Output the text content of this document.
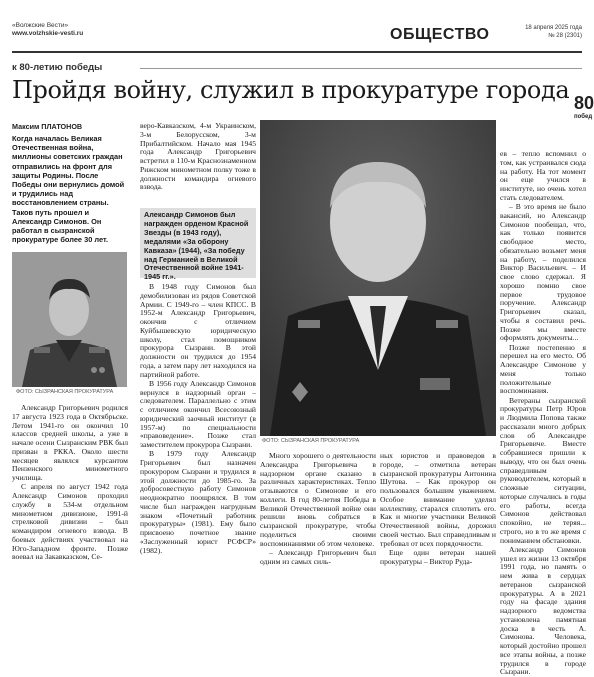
«Волжские Вести»
www.volzhskie-vesti.ru	ОБЩЕСТВО	18 апреля 2025 года
№ 28 (2301)
к 80-летию победы
Пройдя войну, служил в прокуратуре города 80
побед
Максим ПЛАТОНОВ
Когда началась Великая Отечественная война, миллионы советских граждан отправились на фронт для защиты Родины. После Победы они вернулись домой и трудились над восстановлением страны. Таков путь прошел и Александр Симонов. Он работал в сызранской прокуратуре более 30 лет.
ФОТО: СЫЗРАНСКАЯ ПРОКУРАТУРА

Александр Григорьевич родился 17 августа 1923 года в Октябрьске. Летом 1941-го он окончил 10 классов средней школы, а уже в начале осени Сызранским РВК был призван в РККА. Около шести месяцев являлся курсантом Пензенского минометного училища.

С апреля по август 1942 года Александр Симонов проходил службу в 534-м отдельном минометном дивизионе, 1991-й стрелковой дивизии – был командиром огневого взвода. В боевых действиях участвовал на Юго-Западном фронте. Позже воевал на Закавказском, Се-

веро-Кавказском, 4-м Украинском, 3-м Белорусском, 3-м Прибалтийском. Начало мая 1945 года Александр Григорьевич встретил в 110-м Краснознаменном Рижском минометном полку тоже в должности командира огневого взвода.

Александр Симонов был награжден орденом Красной Звезды (в 1943 году), медалями «За оборону Кавказа» (1944), «За победу над Германией в Великой Отечественной войне 1941-1945 гг.».

В 1948 году Симонов был демобилизован из рядов Советской Армии. С 1949-го – член КПСС. В 1952-м Александр Григорьевич, окончив с отличием Куйбышевскую юридическую школу, стал помощником прокурора Сызрани. В этой должности он трудился до 1954 года, а затем пару лет находился на партийной работе.

В 1956 году Александр Симонов вернулся в надзорный орган – следователем. Параллельно с этим с отличием окончил Всесоюзный юридический заочный институт (в 1957-м) по специальности «правоведение». Позже стал заместителем прокурора Сызрани.

В 1979 году Александр Григорьевич был назначен прокурором Сызрани и трудился в этой должности до 1985-го. За добросовестную работу Симонов неоднократно поощрялся. В том числе был награжден нагрудным знаком «Почетный работник прокуратуры» (1981). Ему было присвоено почетное звание «Заслуженный юрист РСФСР» (1982).

ФОТО: СЫЗРАНСКАЯ ПРОКУРАТУРА

Много хорошего о деятельности Александра Григорьевича в надзорном органе сказано в различных характеристиках. Тепло отзываются о Симонове и его коллеги. В год 80-летия Победы в Великой Отечественной войне они решили вновь собраться в сызранской прокуратуре, чтобы поделиться своими воспоминаниями об этом человеке.

– Александр Григорьевич был одним из самых силь-

ных юристов и правоведов в городе, – отметила ветеран сызранской прокуратуры Антонина Шутова. – Как прокурор он пользовался большим уважением. Особое внимание уделял коллективу, старался сплотить его. Как и многие участники Великой Отечественной войны, дорожил своей честью. Был справедливым и требовал от всех порядочности.

Еще один ветеран нашей прокуратуры – Виктор Руда-

ев – тепло вспомнил о том, как устраивался сюда на работу. На тот момент он еще учился в институте, но очень хотел стать следователем.

– В это время не было вакансий, но Александр Симонов пообещал, что, как только появится свободное место, обязательно возьмет меня на работу, – поделился Виктор Васильевич. – И свое слово сдержал. Я хорошо помню свое первое трудовое поручение. Александр Григорьевич сказал, чтобы я составил речь. Позже мы вместе оформлять документы...

Позже постепенно я перешел на его место. Об Александре Симонове у меня только положительные воспоминания.

Ветераны сызранской прокуратуры Петр Юров и Людмила Попова также рассказали много добрых слов об Александре Григорьевиче. Вместе собравшиеся пришли к выводу, что он был очень справедливым руководителем, который в сложные ситуации, которые случались в годы его работы, всегда Симонов действовал спокойно, не теряя... строго, но в то же время с пониманием обстановки.

Александр Симонов ушел из жизни 13 октября 1991 года, но память о нем жива в сердцах ветеранов сызранской прокуратуры. А в 2021 году на фасаде здания надзорного ведомства установлена памятная доска в честь А. Симонова. Человека, который достойно прошел все этапы войны, а позже трудился в городе Сызрани.
